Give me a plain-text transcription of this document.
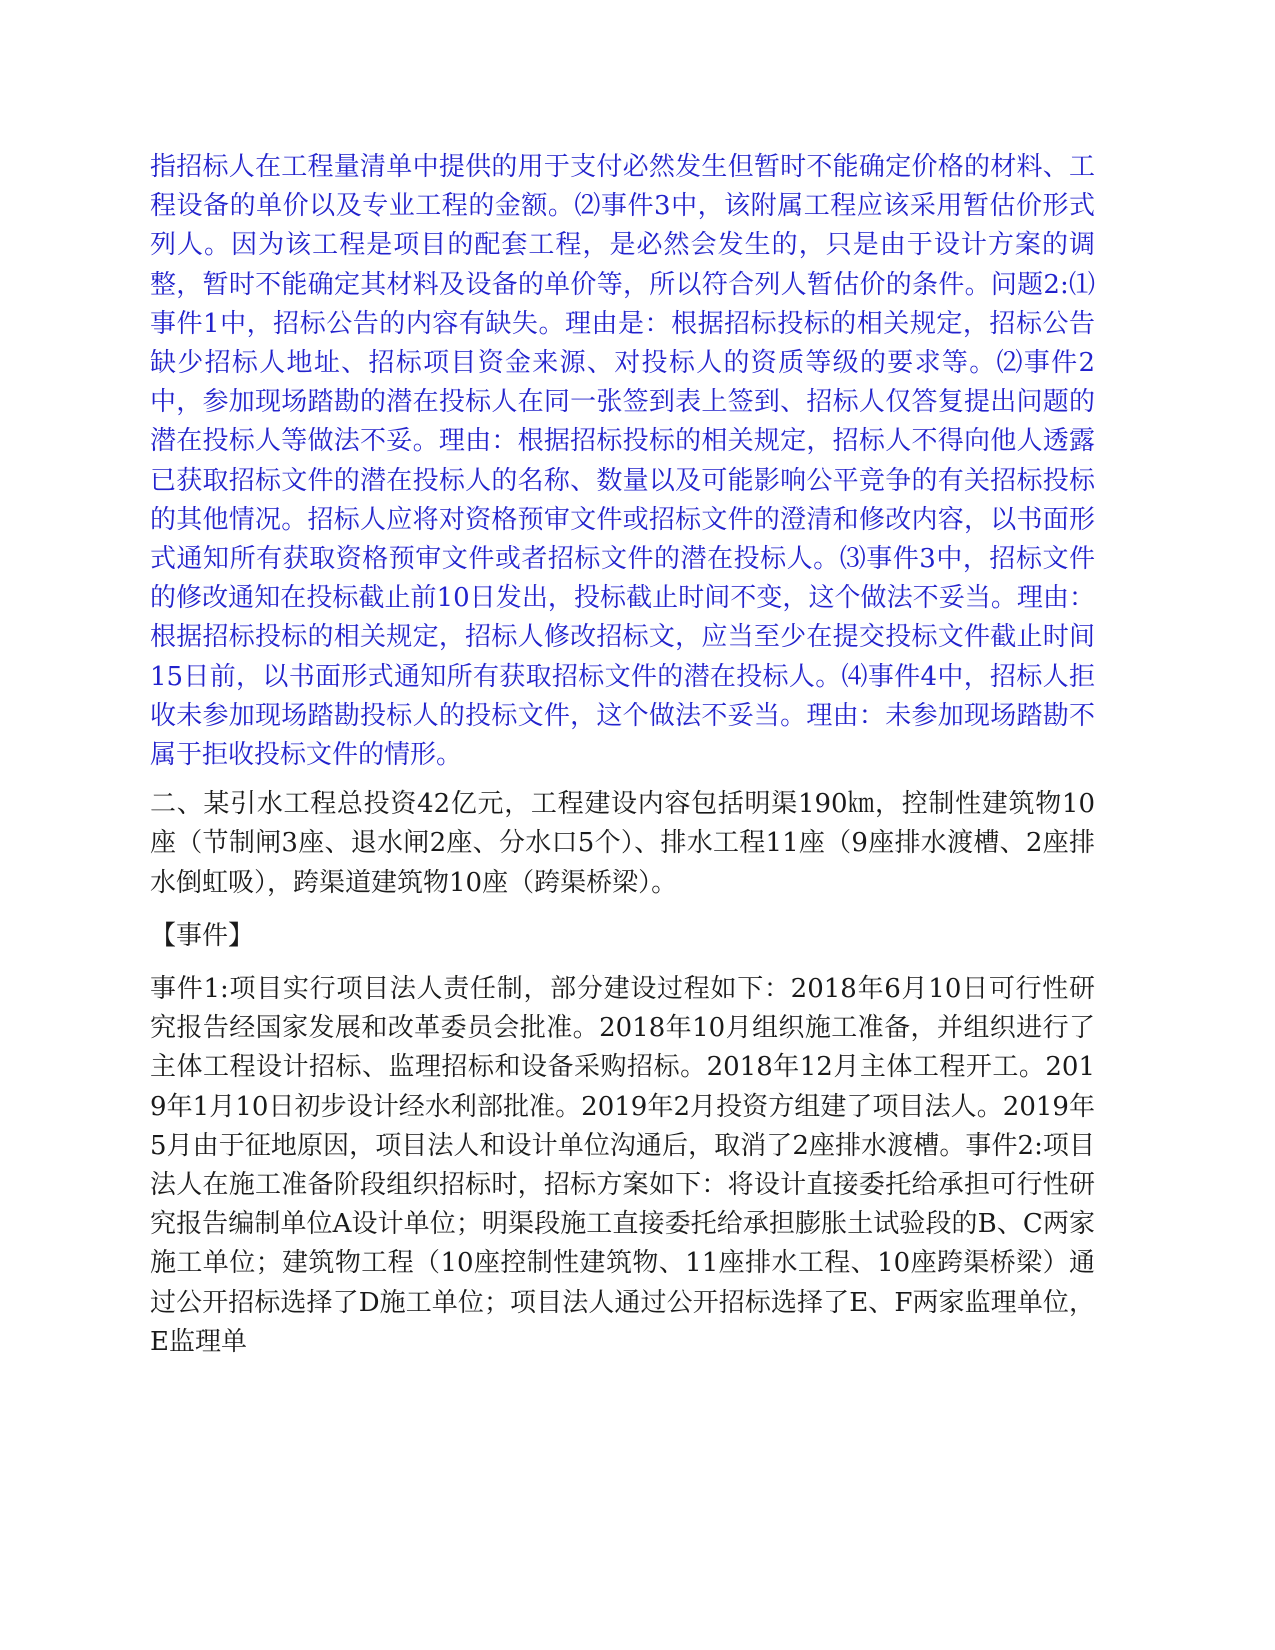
指招标人在工程量清单中提供的用于支付必然发生但暂时不能确定价格的材料、工程设备的单价以及专业工程的金额。⑵事件3中，该附属工程应该采用暂估价形式列人。因为该工程是项目的配套工程，是必然会发生的，只是由于设计方案的调整，暂时不能确定其材料及设备的单价等，所以符合列人暂估价的条件。问题2:⑴事件1中，招标公告的内容有缺失。理由是：根据招标投标的相关规定，招标公告缺少招标人地址、招标项目资金来源、对投标人的资质等级的要求等。⑵事件2中，参加现场踏勘的潜在投标人在同一张签到表上签到、招标人仅答复提出问题的潜在投标人等做法不妥。理由：根据招标投标的相关规定，招标人不得向他人透露已获取招标文件的潜在投标人的名称、数量以及可能影响公平竞争的有关招标投标的其他情况。招标人应将对资格预审文件或招标文件的澄清和修改内容，以书面形式通知所有获取资格预审文件或者招标文件的潜在投标人。⑶事件3中，招标文件的修改通知在投标截止前10日发出，投标截止时间不变，这个做法不妥当。理由：根据招标投标的相关规定，招标人修改招标文，应当至少在提交投标文件截止时间15日前，以书面形式通知所有获取招标文件的潜在投标人。⑷事件4中，招标人拒收未参加现场踏勘投标人的投标文件，这个做法不妥当。理由：未参加现场踏勘不属于拒收投标文件的情形。

二、某引水工程总投资42亿元，工程建设内容包括明渠190㎞，控制性建筑物10座（节制闸3座、退水闸2座、分水口5个）、排水工程11座（9座排水渡槽、2座排水倒虹吸），跨渠道建筑物10座（跨渠桥梁）。

【事件】

事件1:项目实行项目法人责任制，部分建设过程如下：2018年6月10日可行性研究报告经国家发展和改革委员会批准。2018年10月组织施工准备，并组织进行了主体工程设计招标、监理招标和设备采购招标。2018年12月主体工程开工。2019年1月10日初步设计经水利部批准。2019年2月投资方组建了项目法人。2019年5月由于征地原因，项目法人和设计单位沟通后，取消了2座排水渡槽。事件2:项目法人在施工准备阶段组织招标时，招标方案如下：将设计直接委托给承担可行性研究报告编制单位A设计单位；明渠段施工直接委托给承担膨胀土试验段的B、C两家施工单位；建筑物工程（10座控制性建筑物、11座排水工程、10座跨渠桥梁）通过公开招标选择了D施工单位；项目法人通过公开招标选择了E、F两家监理单位，E监理单
